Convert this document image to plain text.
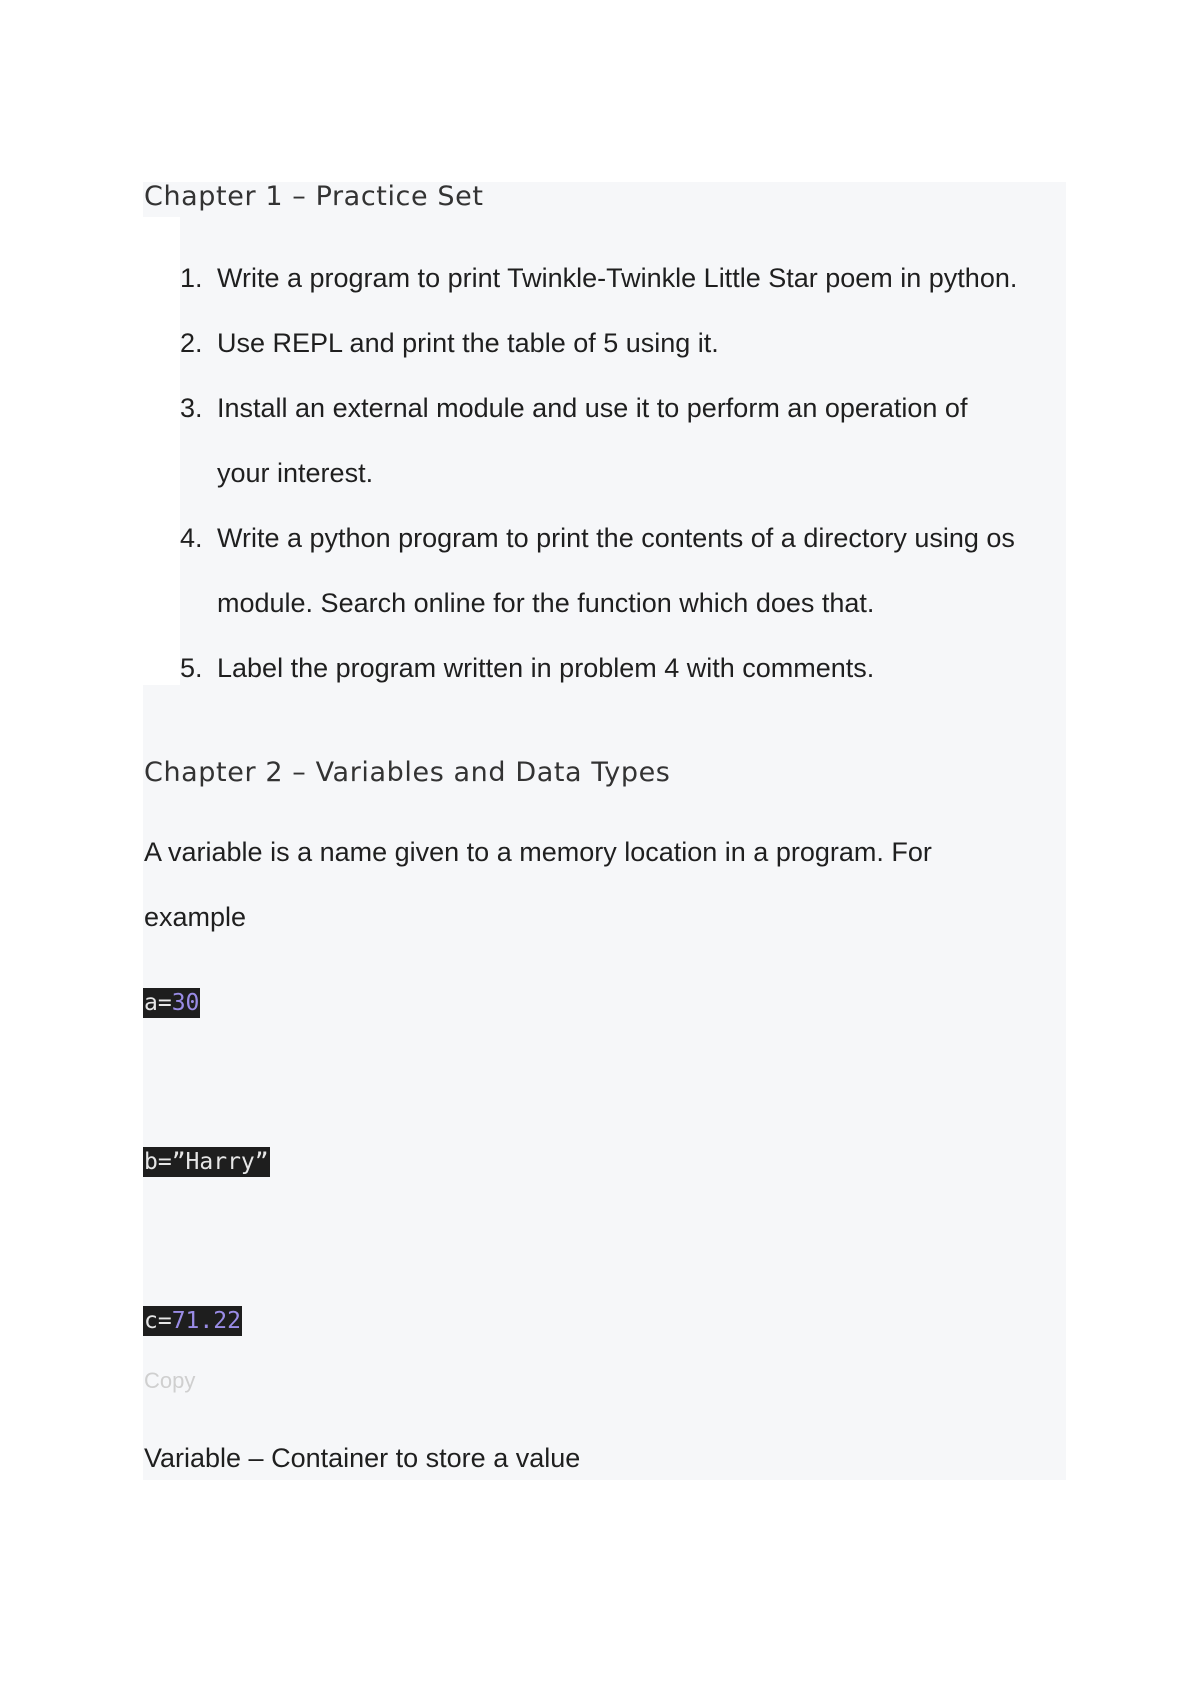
Chapter 1 – Practice Set
1. Write a program to print Twinkle-Twinkle Little Star poem in python.
2. Use REPL and print the table of 5 using it.
3. Install an external module and use it to perform an operation of
your interest.
4. Write a python program to print the contents of a directory using os
module. Search online for the function which does that.
5. Label the program written in problem 4 with comments.
Chapter 2 – Variables and Data Types
A variable is a name given to a memory location in a program. For
example
a=30
b=”Harry”
c=71.22
Copy
Variable – Container to store a value
